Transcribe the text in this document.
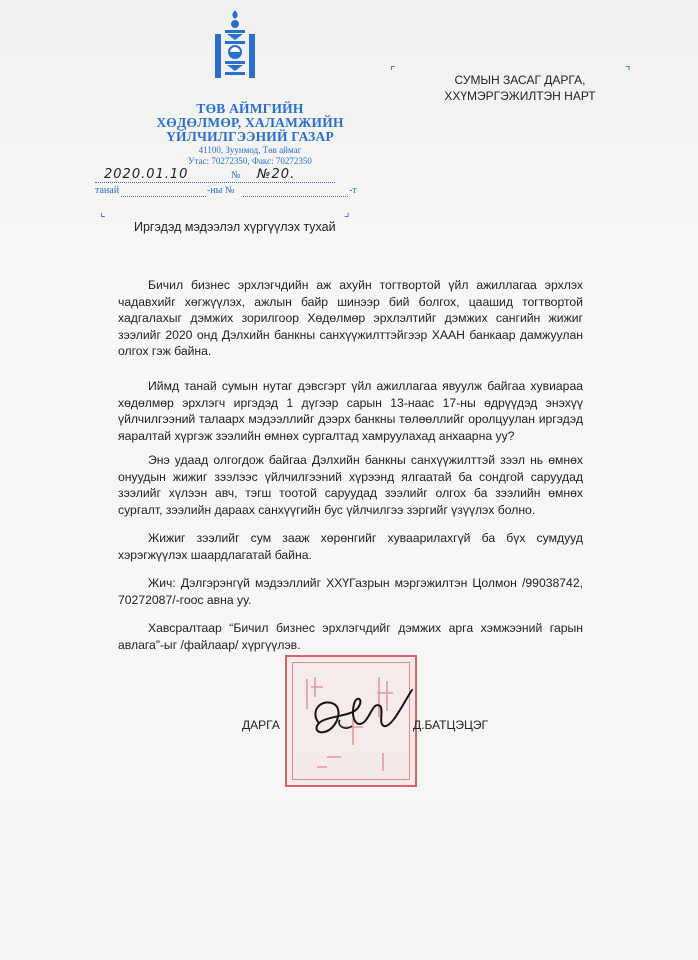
ТӨВ АЙМГИЙН
ХӨДӨЛМӨР, ХАЛАМЖИЙН
ҮЙЛЧИЛГЭЭНИЙ ГАЗАР
41100, Зуунмод, Төв аймаг
Утас: 70272350, Факс: 70272350
№
2020.01.10	№20.
танай	-ны №	-т
⌞	⌟
⌜	⌝
СУМЫН ЗАСАГ ДАРГА,
ХХҮМЭРГЭЖИЛТЭН НАРТ
Иргэдэд мэдээлэл хүргүүлэх тухай

Бичил бизнес эрхлэгчдийн аж ахуйн тогтвортой үйл ажиллагаа эрхлэх чадавхийг хөгжүүлэх, ажлын байр шинээр бий болгох, цаашид тогтвортой хадгалахыг дэмжих зорилгоор Хөдөлмөр эрхлэлтийг дэмжих сангийн жижиг зээлийг 2020 онд Дэлхийн банкны санхүүжилттэйгээр ХААН банкаар дамжуулан олгох гэж байна.

Иймд танай сумын нутаг дэвсгэрт үйл ажиллагаа явуулж байгаа хувиараа хөдөлмөр эрхлэгч иргэдэд 1 дүгээр сарын 13-наас 17-ны өдрүүдэд энэхүү үйлчилгээний талаарх мэдээллийг дээрх банкны төлөөллийг оролцуулан иргэдэд яаралтай хүргэж зээлийн өмнөх сургалтад хамруулахад анхаарна уу?

Энэ удаад олгогдож байгаа Дэлхийн банкны санхүүжилттэй зээл нь өмнөх онуудын жижиг зээлээс үйлчилгээний хүрээнд ялгаатай ба сондгой саруудад зээлийг хүлээн авч, тэгш тоотой саруудад зээлийг олгох ба зээлийн өмнөх сургалт, зээлийн дараах санхүүгийн бус үйлчилгээ зэргийг үзүүлэх болно.

Жижиг зээлийг сум зааж хөрөнгийг хуваарилахгүй ба бүх сумдууд хэрэгжүүлэх шаардлагатай байна.

Жич: Дэлгэрэнгүй мэдээллийг ХХҮГазрын мэргэжилтэн Цолмон /99038742, 70272087/-гоос авна уу.

Хавсралтаар “Бичил бизнес эрхлэгчдийг дэмжих арга хэмжээний гарын авлага”-ыг /файлаар/ хүргүүлэв.

ДАРГА	Д.БАТЦЭЦЭГ
